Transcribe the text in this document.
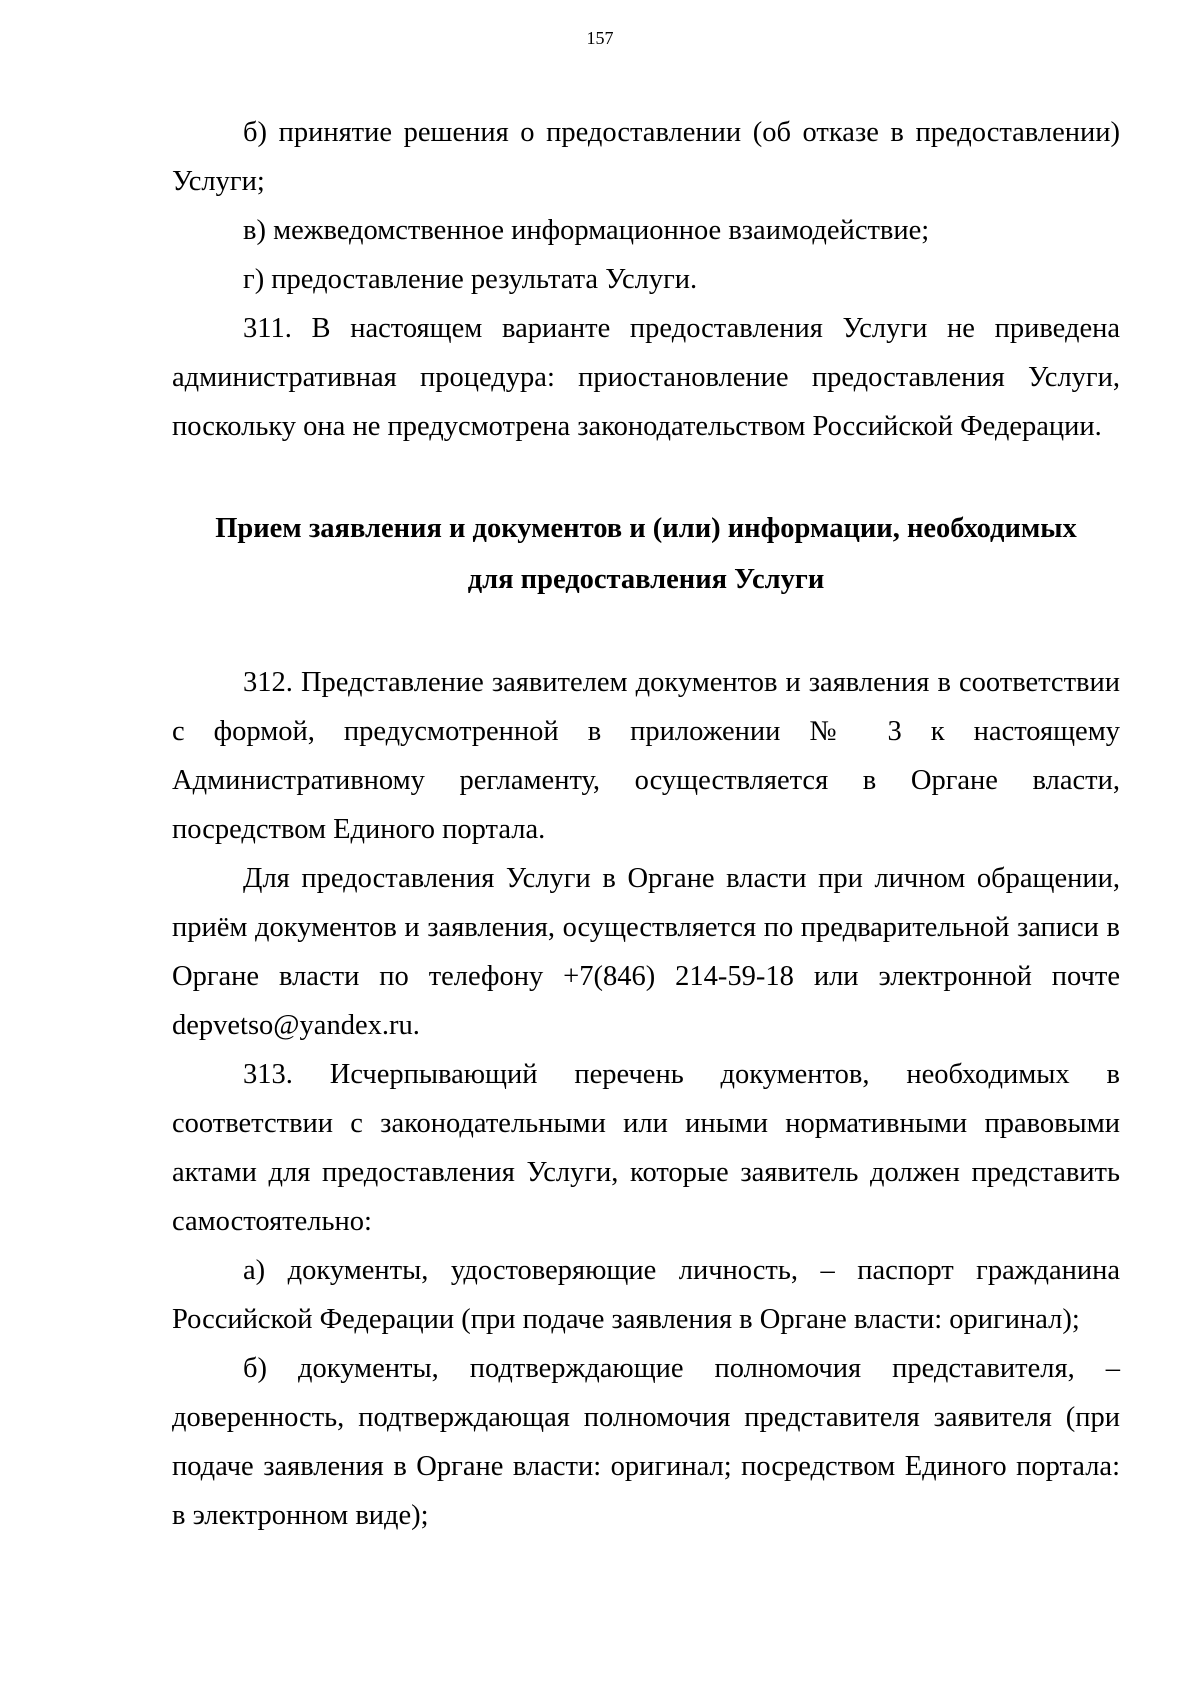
157

б) принятие решения о предоставлении (об отказе в предоставлении) Услуги;

в) межведомственное информационное взаимодействие;

г) предоставление результата Услуги.

311. В настоящем варианте предоставления Услуги не приведена административная процедура: приостановление предоставления Услуги, поскольку она не предусмотрена законодательством Российской Федерации.

Прием заявления и документов и (или) информации, необходимых
для предоставления Услуги

312. Представление заявителем документов и заявления в соответствии с формой, предусмотренной в приложении № 3 к настоящему Административному регламенту, осуществляется в Органе власти, посредством Единого портала.

Для предоставления Услуги в Органе власти при личном обращении, приём документов и заявления, осуществляется по предварительной записи в Органе власти по телефону +7(846) 214-59-18 или электронной почте depvetso@yandex.ru.

313. Исчерпывающий перечень документов, необходимых в соответствии с законодательными или иными нормативными правовыми актами для предоставления Услуги, которые заявитель должен представить самостоятельно:

а) документы, удостоверяющие личность, – паспорт гражданина Российской Федерации (при подаче заявления в Органе власти: оригинал);

б) документы, подтверждающие полномочия представителя, – доверенность, подтверждающая полномочия представителя заявителя (при подаче заявления в Органе власти: оригинал; посредством Единого портала: в электронном виде);
